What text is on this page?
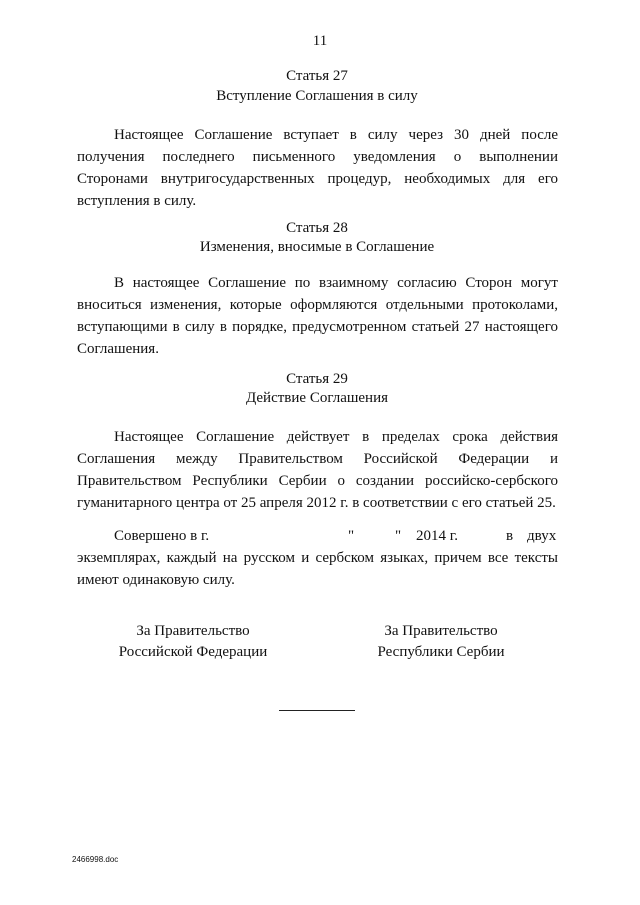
11
Статья 27
Вступление Соглашения в силу

Настоящее Соглашение вступает в силу через 30 дней после получения последнего письменного уведомления о выполнении Сторонами внутригосударственных процедур, необходимых для его вступления в силу.

Статья 28
Изменения, вносимые в Соглашение

В настоящее Соглашение по взаимному согласию Сторон могут вноситься изменения, которые оформляются отдельными протоколами, вступающими в силу в порядке, предусмотренном статьей 27 настоящего Соглашения.

Статья 29
Действие Соглашения

Настоящее Соглашение действует в пределах срока действия Соглашения между Правительством Российской Федерации и Правительством Республики Сербии о создании российско-сербского гуманитарного центра от 25 апреля 2012 г. в соответствии с его статьей 25.

Совершено в г.	"	" 2014 г.	в двух

экземплярах, каждый на русском и сербском языках, причем все тексты имеют одинаковую силу.

За Правительство
Российской Федерации
За Правительство
Республики Сербии
2466998.doc
